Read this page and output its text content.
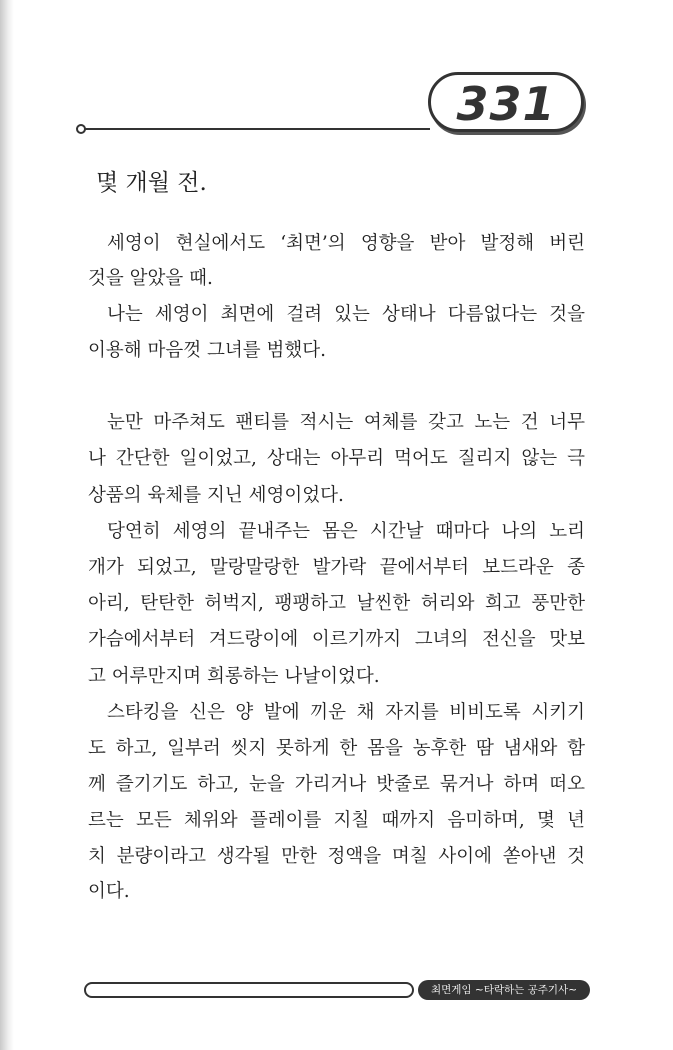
331
몇 개월 전.
세영이 현실에서도 ‘최면’의 영향을 받아 발정해 버린
것을 알았을 때.
나는 세영이 최면에 걸려 있는 상태나 다름없다는 것을
이용해 마음껏 그녀를 범했다.
눈만 마주쳐도 팬티를 적시는 여체를 갖고 노는 건 너무
나 간단한 일이었고, 상대는 아무리 먹어도 질리지 않는 극
상품의 육체를 지닌 세영이었다.
당연히 세영의 끝내주는 몸은 시간날 때마다 나의 노리
개가 되었고, 말랑말랑한 발가락 끝에서부터 보드라운 종
아리, 탄탄한 허벅지, 팽팽하고 날씬한 허리와 희고 풍만한
가슴에서부터 겨드랑이에 이르기까지 그녀의 전신을 맛보
고 어루만지며 희롱하는 나날이었다.
스타킹을 신은 양 발에 끼운 채 자지를 비비도록 시키기
도 하고, 일부러 씻지 못하게 한 몸을 농후한 땀 냄새와 함
께 즐기기도 하고, 눈을 가리거나 밧줄로 묶거나 하며 떠오
르는 모든 체위와 플레이를 지칠 때까지 음미하며, 몇 년
치 분량이라고 생각될 만한 정액을 며칠 사이에 쏟아낸 것
이다.
최면게임 ~타락하는 공주기사~
